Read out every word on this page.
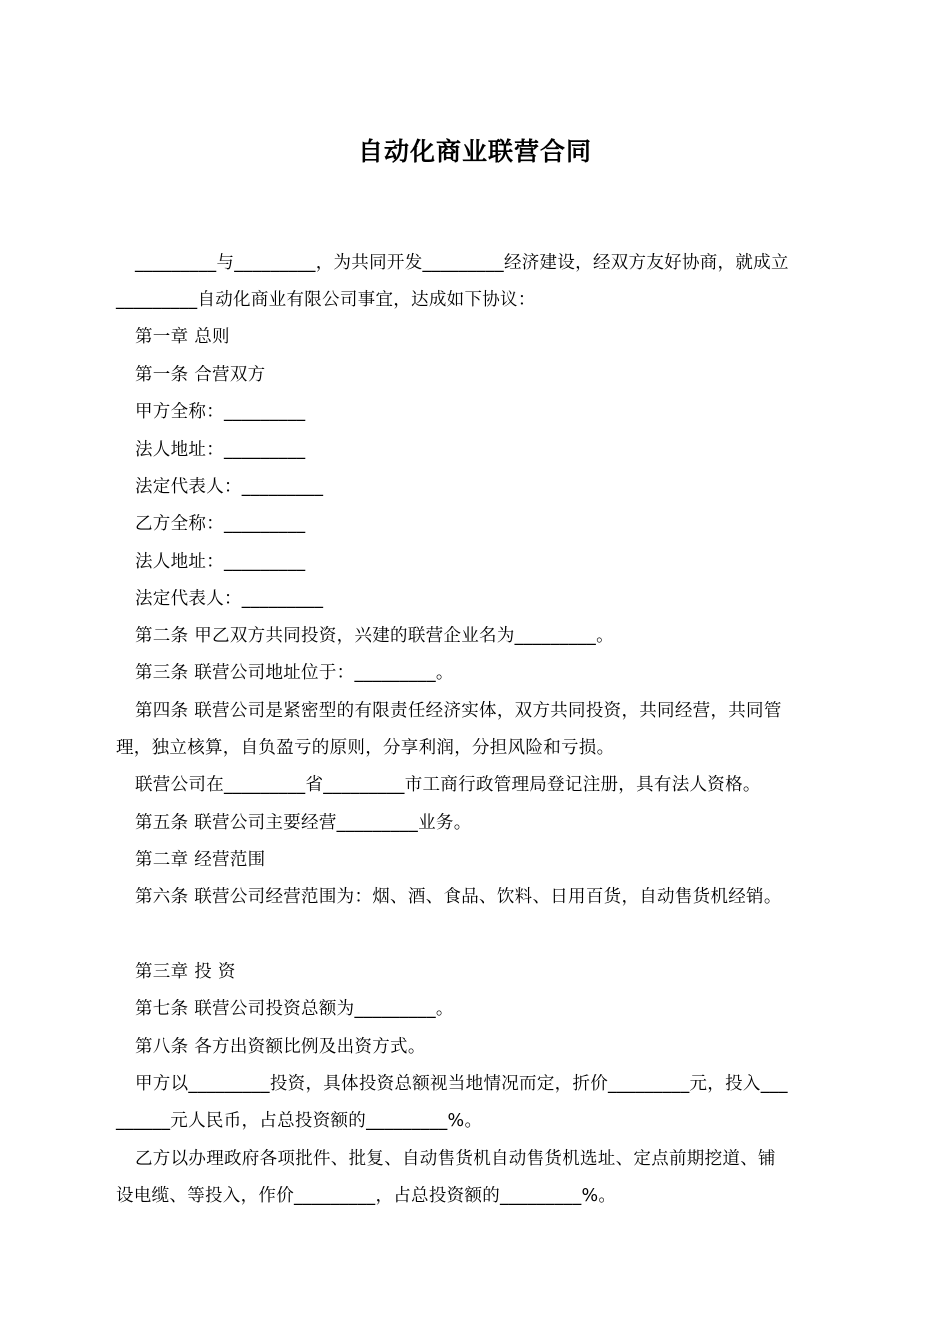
自动化商业联营合同
_________与_________，为共同开发_________经济建设，经双方友好协商，就成立
_________自动化商业有限公司事宜，达成如下协议：
第一章 总则
第一条 合营双方
甲方全称：_________
法人地址：_________
法定代表人：_________
乙方全称：_________
法人地址：_________
法定代表人：_________
第二条 甲乙双方共同投资，兴建的联营企业名为_________。
第三条 联营公司地址位于：_________。
第四条 联营公司是紧密型的有限责任经济实体，双方共同投资，共同经营，共同管
理，独立核算，自负盈亏的原则，分享利润，分担风险和亏损。
联营公司在_________省_________市工商行政管理局登记注册，具有法人资格。
第五条 联营公司主要经营_________业务。
第二章 经营范围
第六条 联营公司经营范围为：烟、酒、食品、饮料、日用百货，自动售货机经销。
第三章 投 资
第七条 联营公司投资总额为_________。
第八条 各方出资额比例及出资方式。
甲方以_________投资，具体投资总额视当地情况而定，折价_________元，投入___
______元人民币，占总投资额的_________%。
乙方以办理政府各项批件、批复、自动售货机自动售货机选址、定点前期挖道、铺
设电缆、等投入，作价_________，占总投资额的_________%。
